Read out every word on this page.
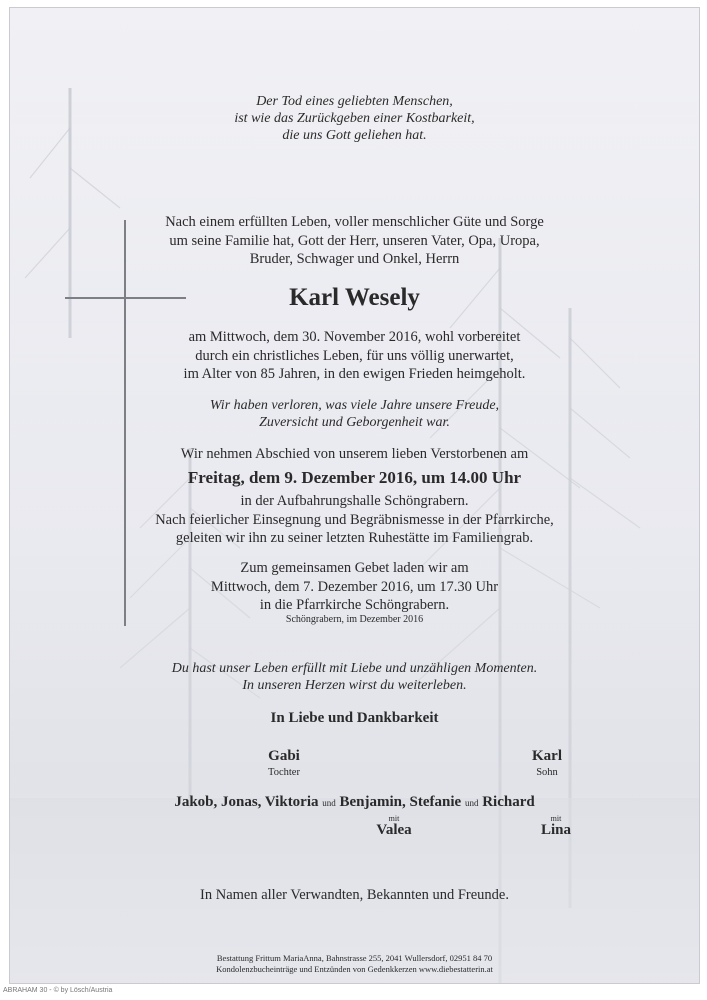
Der Tod eines geliebten Menschen,
ist wie das Zurückgeben einer Kostbarkeit,
die uns Gott geliehen hat.
Nach einem erfüllten Leben, voller menschlicher Güte und Sorge
um seine Familie hat, Gott der Herr, unseren Vater, Opa, Uropa,
Bruder, Schwager und Onkel, Herrn
Karl Wesely
am Mittwoch, dem 30. November 2016, wohl vorbereitet
durch ein christliches Leben, für uns völlig unerwartet,
im Alter von 85 Jahren, in den ewigen Frieden heimgeholt.
Wir haben verloren, was viele Jahre unsere Freude,
Zuversicht und Geborgenheit war.
Wir nehmen Abschied von unserem lieben Verstorbenen am
Freitag, dem 9. Dezember 2016, um 14.00 Uhr
in der Aufbahrungshalle Schöngrabern.
Nach feierlicher Einsegnung und Begräbnismesse in der Pfarrkirche,
geleiten wir ihn zu seiner letzten Ruhestätte im Familiengrab.
Zum gemeinsamen Gebet laden wir am
Mittwoch, dem 7. Dezember 2016, um 17.30 Uhr
in die Pfarrkirche Schöngrabern.
Schöngrabern, im Dezember 2016
Du hast unser Leben erfüllt mit Liebe und unzähligen Momenten.
In unseren Herzen wirst du weiterleben.
In Liebe und Dankbarkeit
Gabi
Tochter
Karl
Sohn
Jakob, Jonas, Viktoria und Benjamin, Stefanie und Richard
mit	mit
Valea	Lina
In Namen aller Verwandten, Bekannten und Freunde.
Bestattung Frittum MariaAnna, Bahnstrasse 255, 2041 Wullersdorf, 02951 84 70
Kondolenzbucheinträge und Entzünden von Gedenkkerzen www.diebestatterin.at
ABRAHAM 30 - © by Lösch/Austria
